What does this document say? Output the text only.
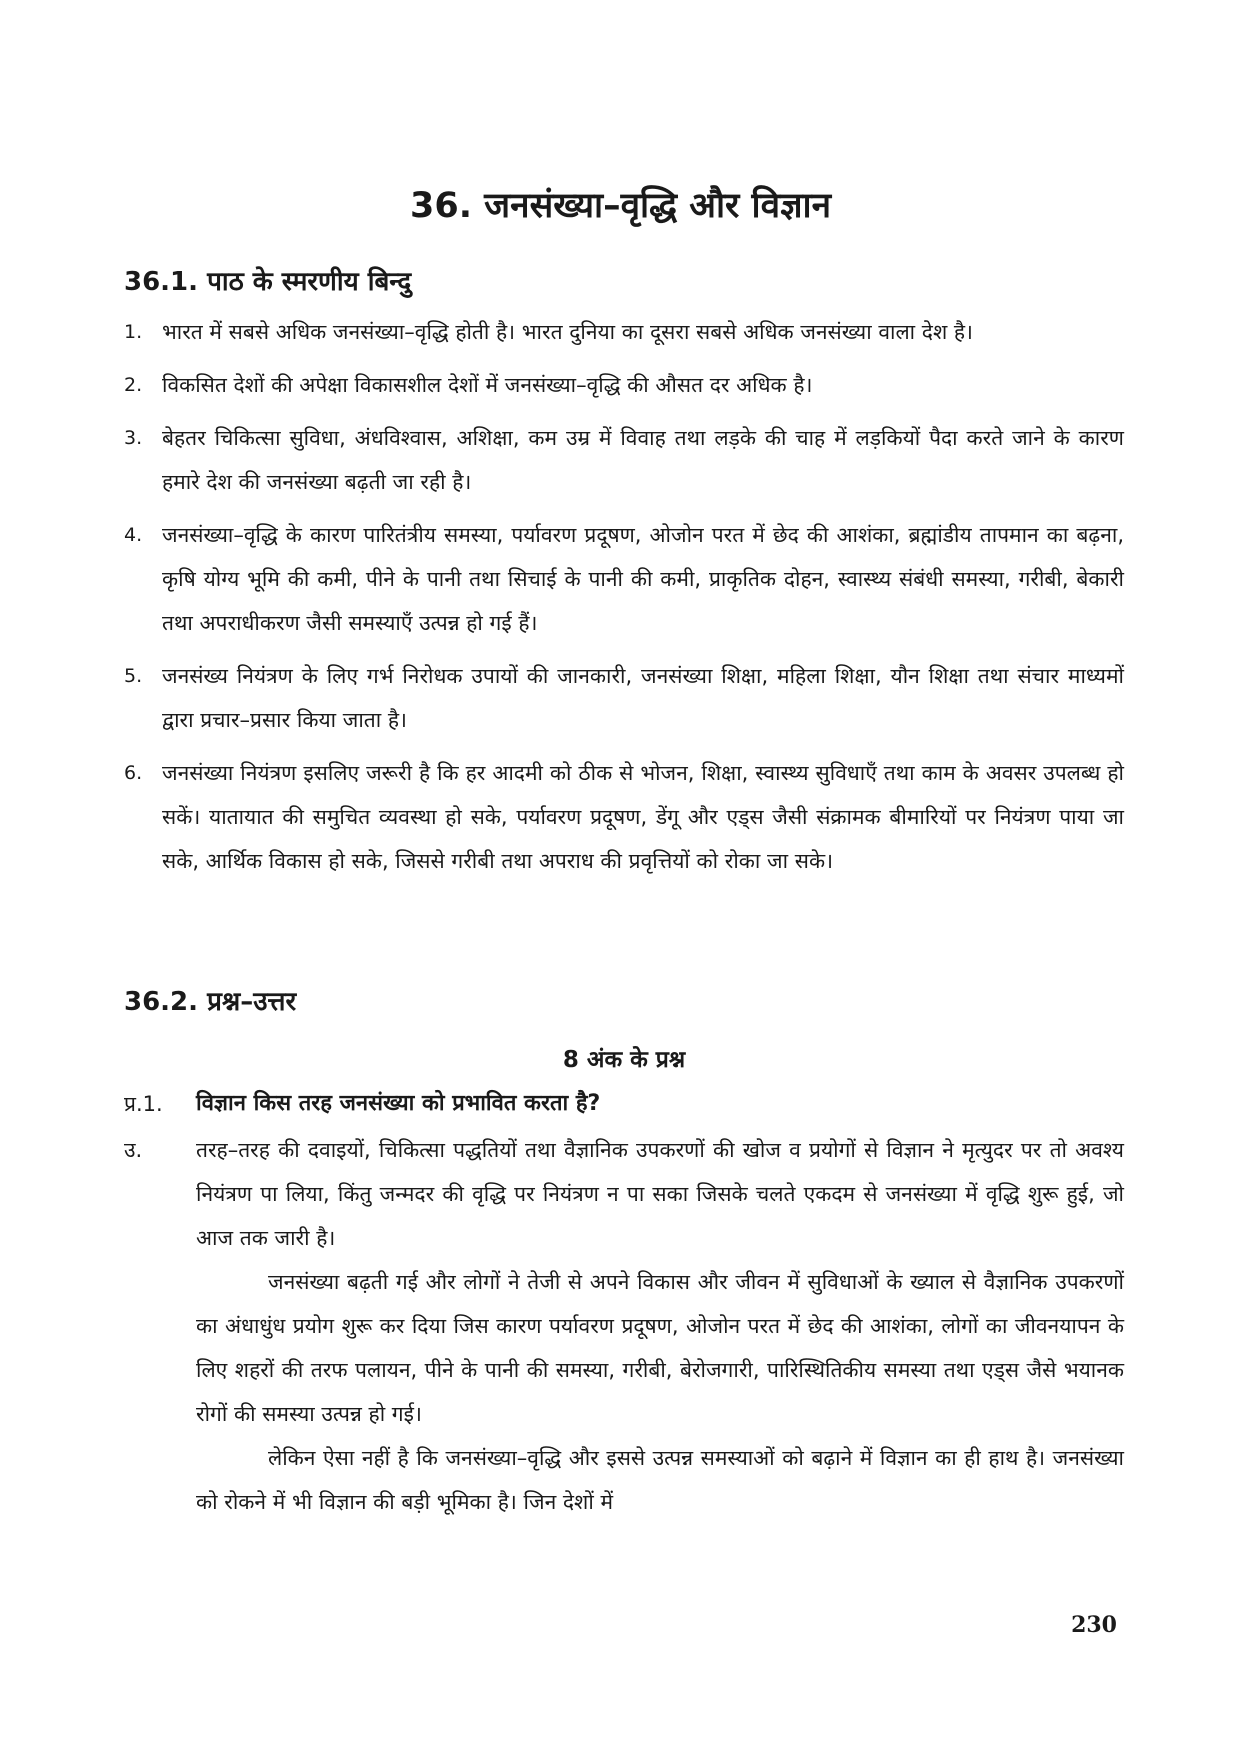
36. जनसंख्या–वृद्धि और विज्ञान
36.1. पाठ के स्मरणीय बिन्दु
1. भारत में सबसे अधिक जनसंख्या–वृद्धि होती है। भारत दुनिया का दूसरा सबसे अधिक जनसंख्या वाला देश है।

2. विकसित देशों की अपेक्षा विकासशील देशों में जनसंख्या–वृद्धि की औसत दर अधिक है।

3. बेहतर चिकित्सा सुविधा, अंधविश्वास, अशिक्षा, कम उम्र में विवाह तथा लड़के की चाह में लड़कियों पैदा करते जाने के कारण हमारे देश की जनसंख्या बढ़ती जा रही है।

4. जनसंख्या–वृद्धि के कारण पारितंत्रीय समस्या, पर्यावरण प्रदूषण, ओजोन परत में छेद की आशंका, ब्रह्मांडीय तापमान का बढ़ना, कृषि योग्य भूमि की कमी, पीने के पानी तथा सिचाई के पानी की कमी, प्राकृतिक दोहन, स्वास्थ्य संबंधी समस्या, गरीबी, बेकारी तथा अपराधीकरण जैसी समस्याएँ उत्पन्न हो गई हैं।

5. जनसंख्य नियंत्रण के लिए गर्भ निरोधक उपायों की जानकारी, जनसंख्या शिक्षा, महिला शिक्षा, यौन शिक्षा तथा संचार माध्यमों द्वारा प्रचार–प्रसार किया जाता है।

6. जनसंख्या नियंत्रण इसलिए जरूरी है कि हर आदमी को ठीक से भोजन, शिक्षा, स्वास्थ्य सुविधाएँ तथा काम के अवसर उपलब्ध हो सकें। यातायात की समुचित व्यवस्था हो सके, पर्यावरण प्रदूषण, डेंगू और एड्स जैसी संक्रामक बीमारियों पर नियंत्रण पाया जा सके, आर्थिक विकास हो सके, जिससे गरीबी तथा अपराध की प्रवृत्तियों को रोका जा सके।

36.2. प्रश्न–उत्तर
8 अंक के प्रश्न
प्र.1. विज्ञान किस तरह जनसंख्या को प्रभावित करता है?

उ.	तरह–तरह की दवाइयों, चिकित्सा पद्धतियों तथा वैज्ञानिक उपकरणों की खोज व प्रयोगों से विज्ञान ने मृत्युदर पर तो अवश्य नियंत्रण पा लिया, किंतु जन्मदर की वृद्धि पर नियंत्रण न पा सका जिसके चलते एकदम से जनसंख्या में वृद्धि शुरू हुई, जो आज तक जारी है।

जनसंख्या बढ़ती गई और लोगों ने तेजी से अपने विकास और जीवन में सुविधाओं के ख्याल से वैज्ञानिक उपकरणों का अंधाधुंध प्रयोग शुरू कर दिया जिस कारण पर्यावरण प्रदूषण, ओजोन परत में छेद की आशंका, लोगों का जीवनयापन के लिए शहरों की तरफ पलायन, पीने के पानी की समस्या, गरीबी, बेरोजगारी, पारिस्थितिकीय समस्या तथा एड्स जैसे भयानक रोगों की समस्या उत्पन्न हो गई।

लेकिन ऐसा नहीं है कि जनसंख्या–वृद्धि और इससे उत्पन्न समस्याओं को बढ़ाने में विज्ञान का ही हाथ है। जनसंख्या को रोकने में भी विज्ञान की बड़ी भूमिका है। जिन देशों में

230
